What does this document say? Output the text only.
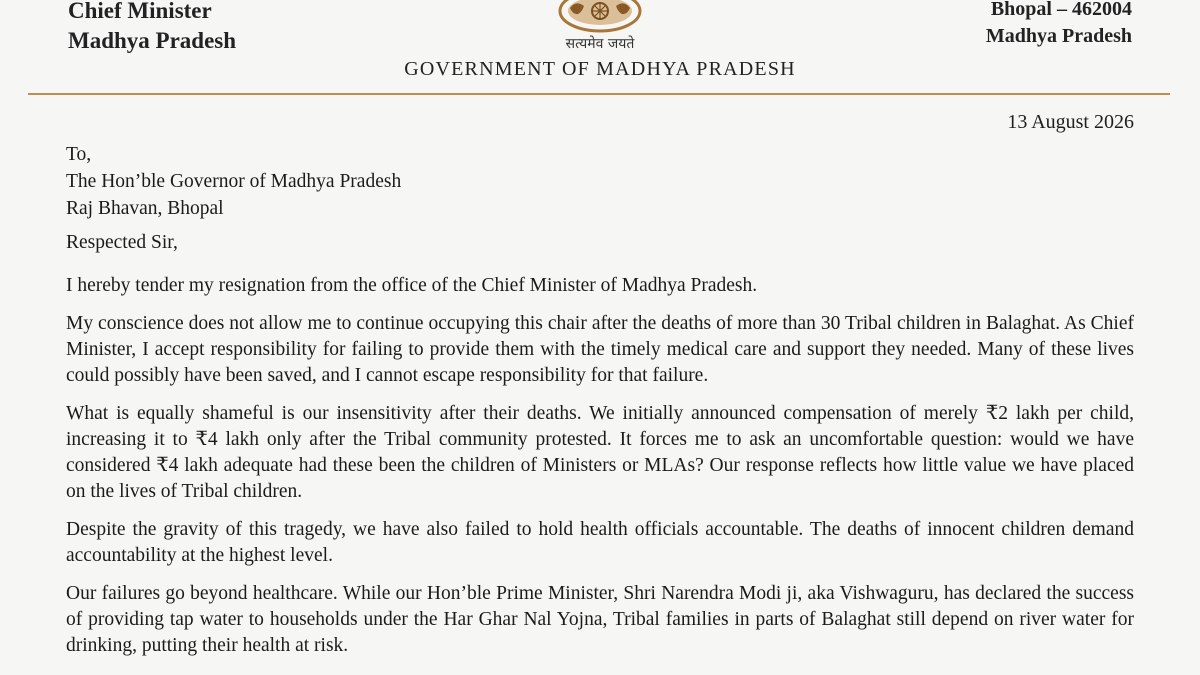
Chief Minister
Madhya Pradesh	सत्यमेव जयते
Bhopal – 462004
Madhya Pradesh
GOVERNMENT OF MADHYA PRADESH
13 August 2026
To,
The Hon’ble Governor of Madhya Pradesh
Raj Bhavan, Bhopal
Respected Sir,

I hereby tender my resignation from the office of the Chief Minister of Madhya Pradesh.

My conscience does not allow me to continue occupying this chair after the deaths of more than 30 Tribal children in Balaghat. As Chief Minister, I accept responsibility for failing to provide them with the timely medical care and support they needed. Many of these lives could possibly have been saved, and I cannot escape responsibility for that failure.

What is equally shameful is our insensitivity after their deaths. We initially announced compensation of merely ₹2 lakh per child, increasing it to ₹4 lakh only after the Tribal community protested. It forces me to ask an uncomfortable question: would we have considered ₹4 lakh adequate had these been the children of Ministers or MLAs? Our response reflects how little value we have placed on the lives of Tribal children.

Despite the gravity of this tragedy, we have also failed to hold health officials accountable. The deaths of innocent children demand accountability at the highest level.

Our failures go beyond healthcare. While our Hon’ble Prime Minister, Shri Narendra Modi ji, aka Vishwaguru, has declared the success of providing tap water to households under the Har Ghar Nal Yojna, Tribal families in parts of Balaghat still depend on river water for drinking, putting their health at risk.
